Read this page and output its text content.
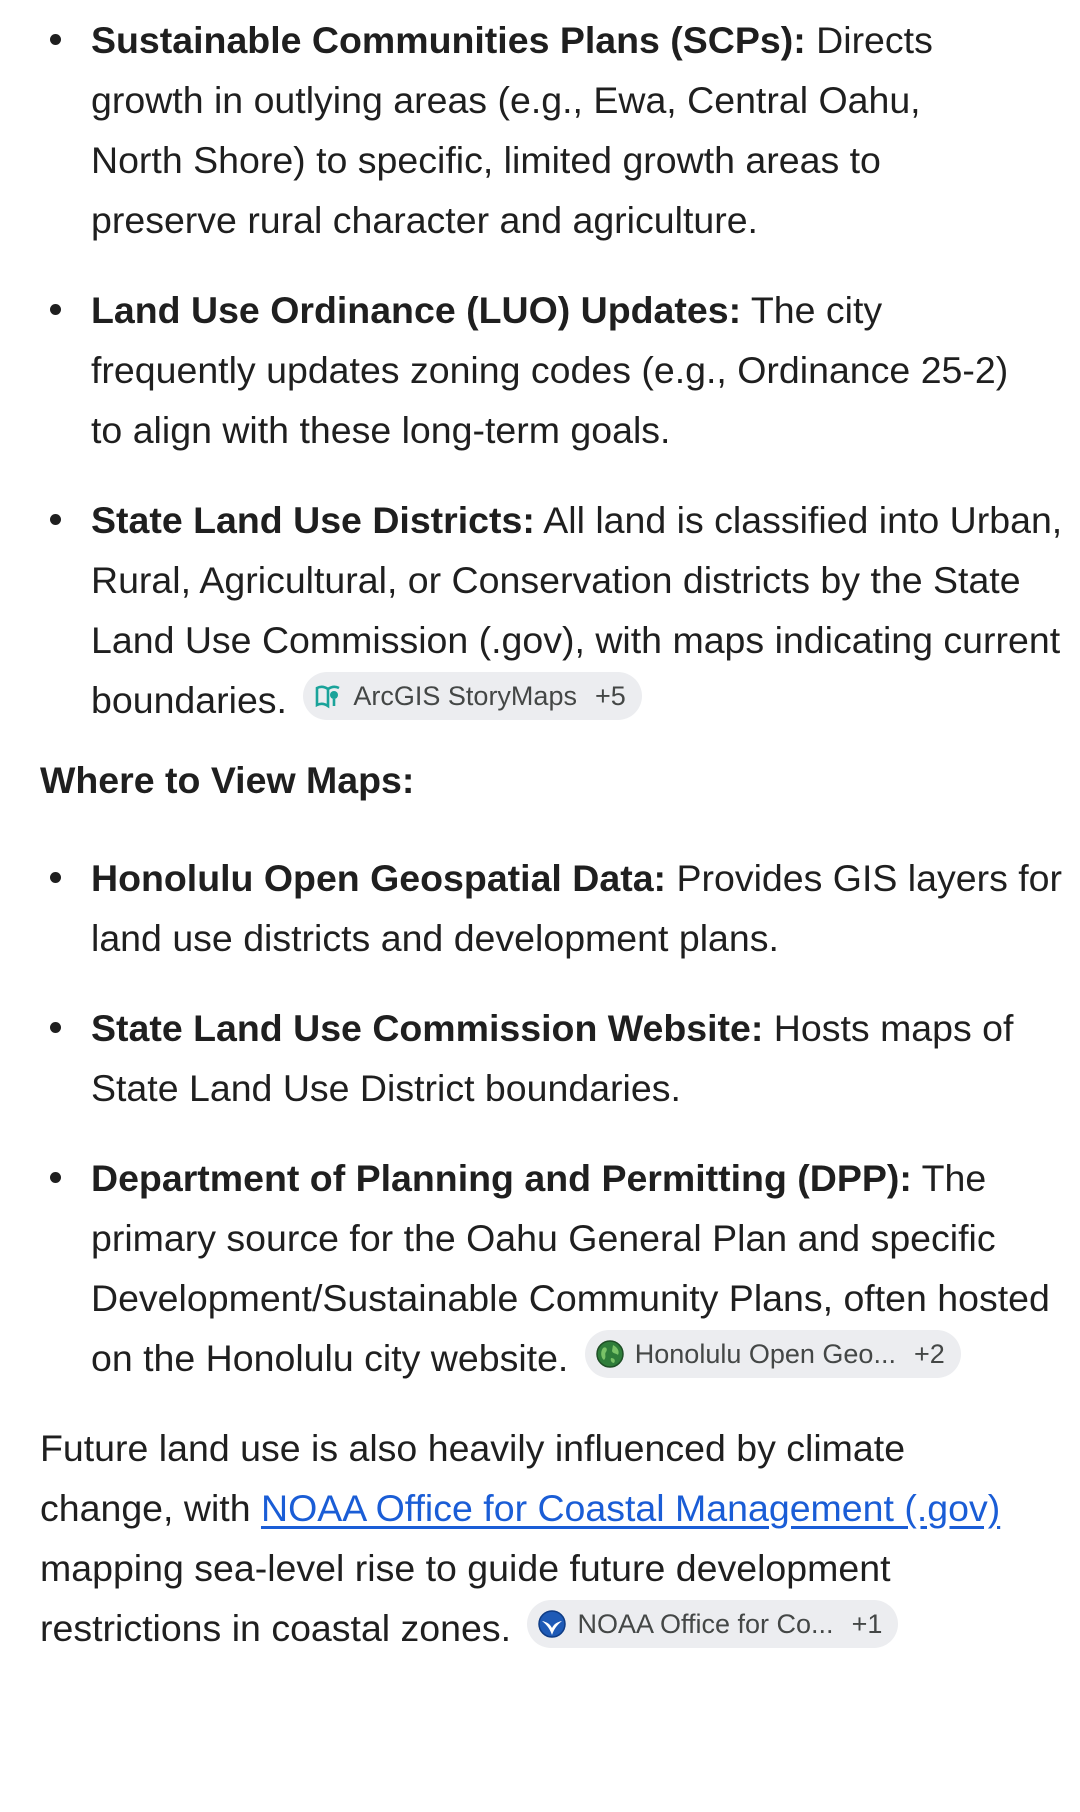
Sustainable Communities Plans (SCPs): Directs growth in outlying areas (e.g., Ewa, Central Oahu, North Shore) to specific, limited growth areas to preserve rural character and agriculture.
Land Use Ordinance (LUO) Updates: The city frequently updates zoning codes (e.g., Ordinance 25-2) to align with these long-term goals.
State Land Use Districts: All land is classified into Urban, Rural, Agricultural, or Conservation districts by the State Land Use Commission (.gov), with maps indicating current boundaries. ArcGIS StoryMaps +5

Where to View Maps:

Honolulu Open Geospatial Data: Provides GIS layers for land use districts and development plans.
State Land Use Commission Website: Hosts maps of State Land Use District boundaries.
Department of Planning and Permitting (DPP): The primary source for the Oahu General Plan and specific Development/Sustainable Community Plans, often hosted on the Honolulu city website. Honolulu Open Geo... +2

Future land use is also heavily influenced by climate change, with NOAA Office for Coastal Management (.gov) mapping sea-level rise to guide future development restrictions in coastal zones. NOAA Office for Co... +1
